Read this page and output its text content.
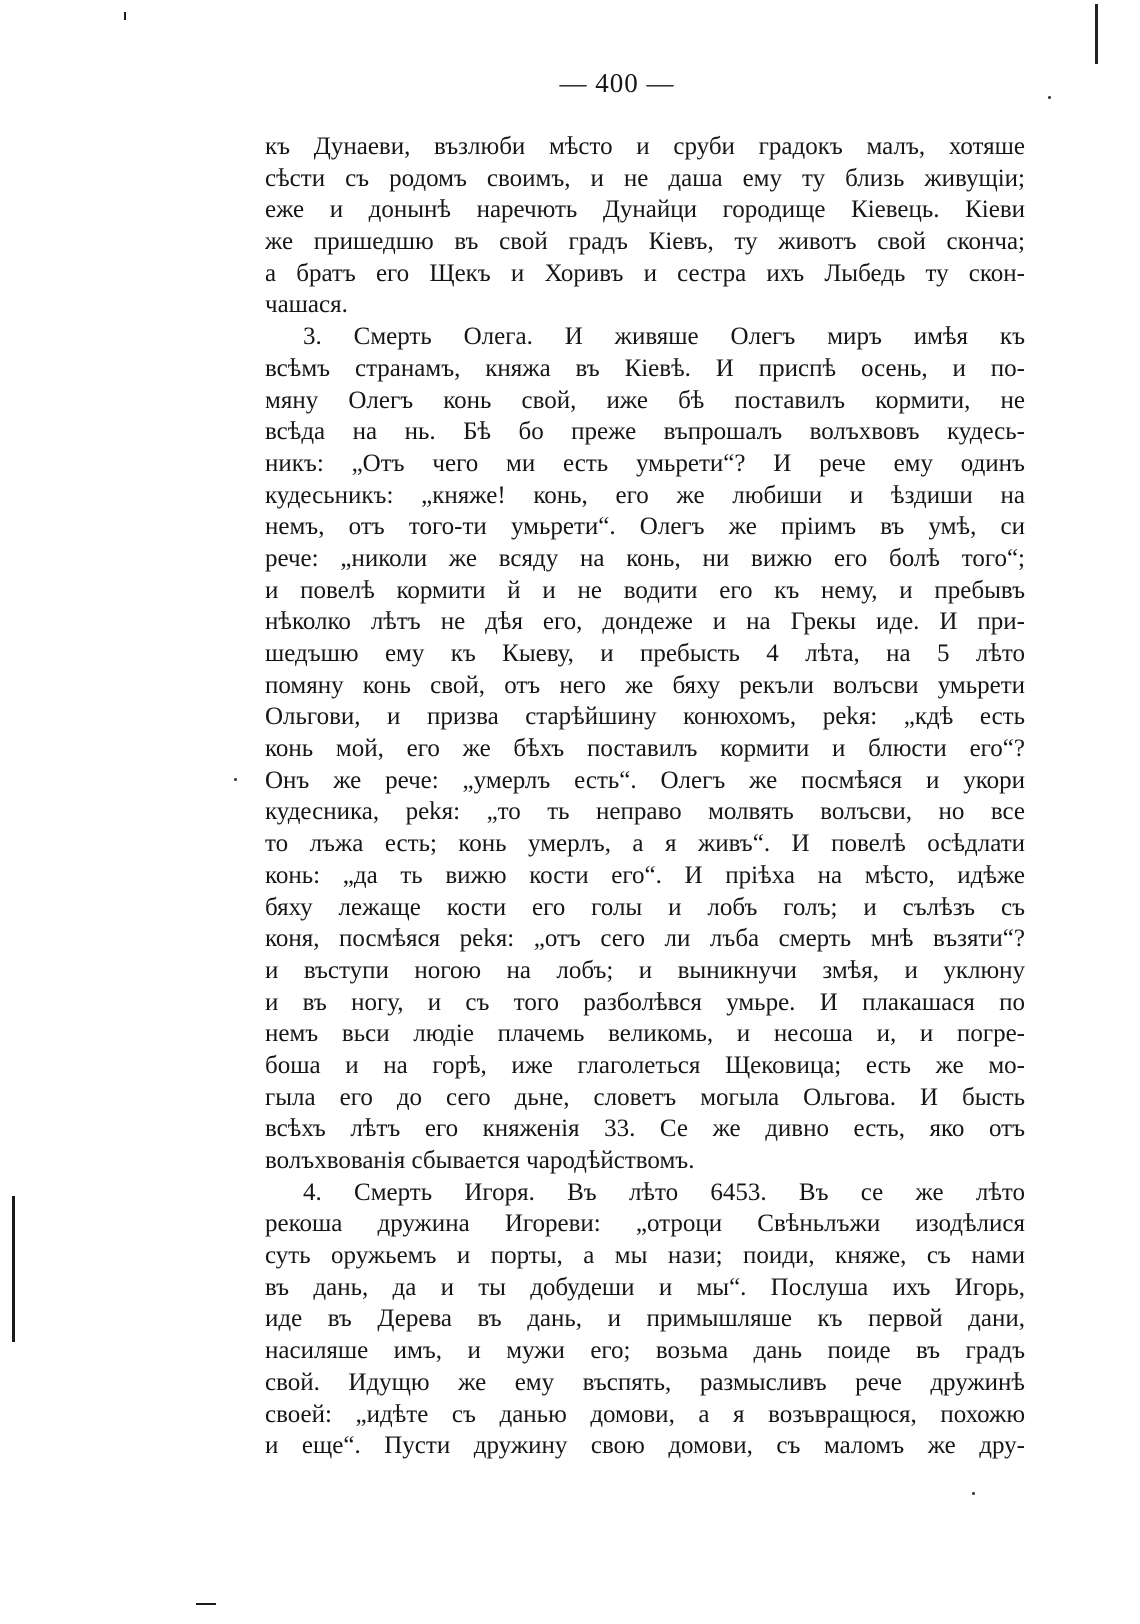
— 400 —
къ Дунаеви, възлюби мѣсто и сруби градокъ малъ, хотяше
сѣсти съ родомъ своимъ, и не даша ему ту близь живущіи;
еже и донынѣ наречють Дунайци городище Кіевець. Кіеви
же пришедшю въ свой градъ Кіевъ, ту животъ свой скончa;
а братъ его Щекъ и Хоривъ и сестра ихъ Лыбедь ту скон-
чашася.
3. Смерть Олега. И живяше Олегъ миръ имѣя къ
всѣмъ странамъ, княжа въ Кіевѣ. И приспѣ осень, и по-
мяну Олегъ конь свой, иже бѣ поставилъ кормити, не
всѣда на нь. Бѣ бо преже въпрошалъ волъхвовъ кудесь-
никъ: „Отъ чего ми есть умьрети“? И рече ему одинъ
кудесьникъ: „княже! конь, его же любиши и ѣздиши на
немъ, отъ того-ти умьрети“. Олегъ же пріимъ въ умѣ, си
рече: „николи же всяду на конь, ни вижю его болѣ того“;
и повелѣ кормити й и не водити его къ нему, и пребывъ
нѣколко лѣтъ не дѣя его, дондеже и на Грекы иде. И при-
шедъшю ему къ Кыеву, и пребысть 4 лѣта, на 5 лѣто
помяну конь свой, отъ него же бяху рекъли волъсви умьрети
Ольгови, и призва старѣйшину конюхомъ, реkя: „кдѣ есть
конь мой, его же бѣхъ поставилъ кормити и блюсти его“?
Онъ же рече: „умерлъ есть“. Олегъ же посмѣяся и укори
кудесника, реkя: „то ть неправо молвять волъсви, но все
то лъжа есть; конь умерлъ, а я живъ“. И повелѣ осѣдлати
конь: „да ть вижю кости его“. И пріѣха на мѣсто, идѣже
бяху лежаще кости его голы и лобъ голъ; и сълѣзъ съ
коня, посмѣяся реkя: „отъ сего ли лъба смерть мнѣ възяти“?
и въступи ногою на лобъ; и выникнучи змѣя, и уклюну
и въ ногу, и съ того разболѣвся умьре. И плакашася по
немъ вьси людіе плачемь великомь, и несоша и, и погре-
боша и на горѣ, иже глаголеться Щековица; есть же мо-
гыла его до сего дьне, словетъ могыла Ольгова. И бысть
всѣхъ лѣтъ его княженія 33. Се же дивно есть, яко отъ
волъхвованія сбывается чародѣйствомъ.
4. Смерть Игоря. Въ лѣто 6453. Въ се же лѣто
рекоша дружина Игореви: „отроци Свѣньлъжи изодѣлися
суть оружьемъ и порты, а мы нази; поиди, княже, съ нами
въ дань, да и ты добудеши и мы“. Послуша ихъ Игорь,
иде въ Дерева въ дань, и примышляше къ первой дани,
насиляше имъ, и мужи его; возьма дань поиде въ градъ
свой. Идущю же ему въспять, размысливъ рече дружинѣ
своей: „идѣте съ данью домови, а я возъвращюся, похожю
и еще“. Пусти дружину свою домови, съ маломъ же дру-
